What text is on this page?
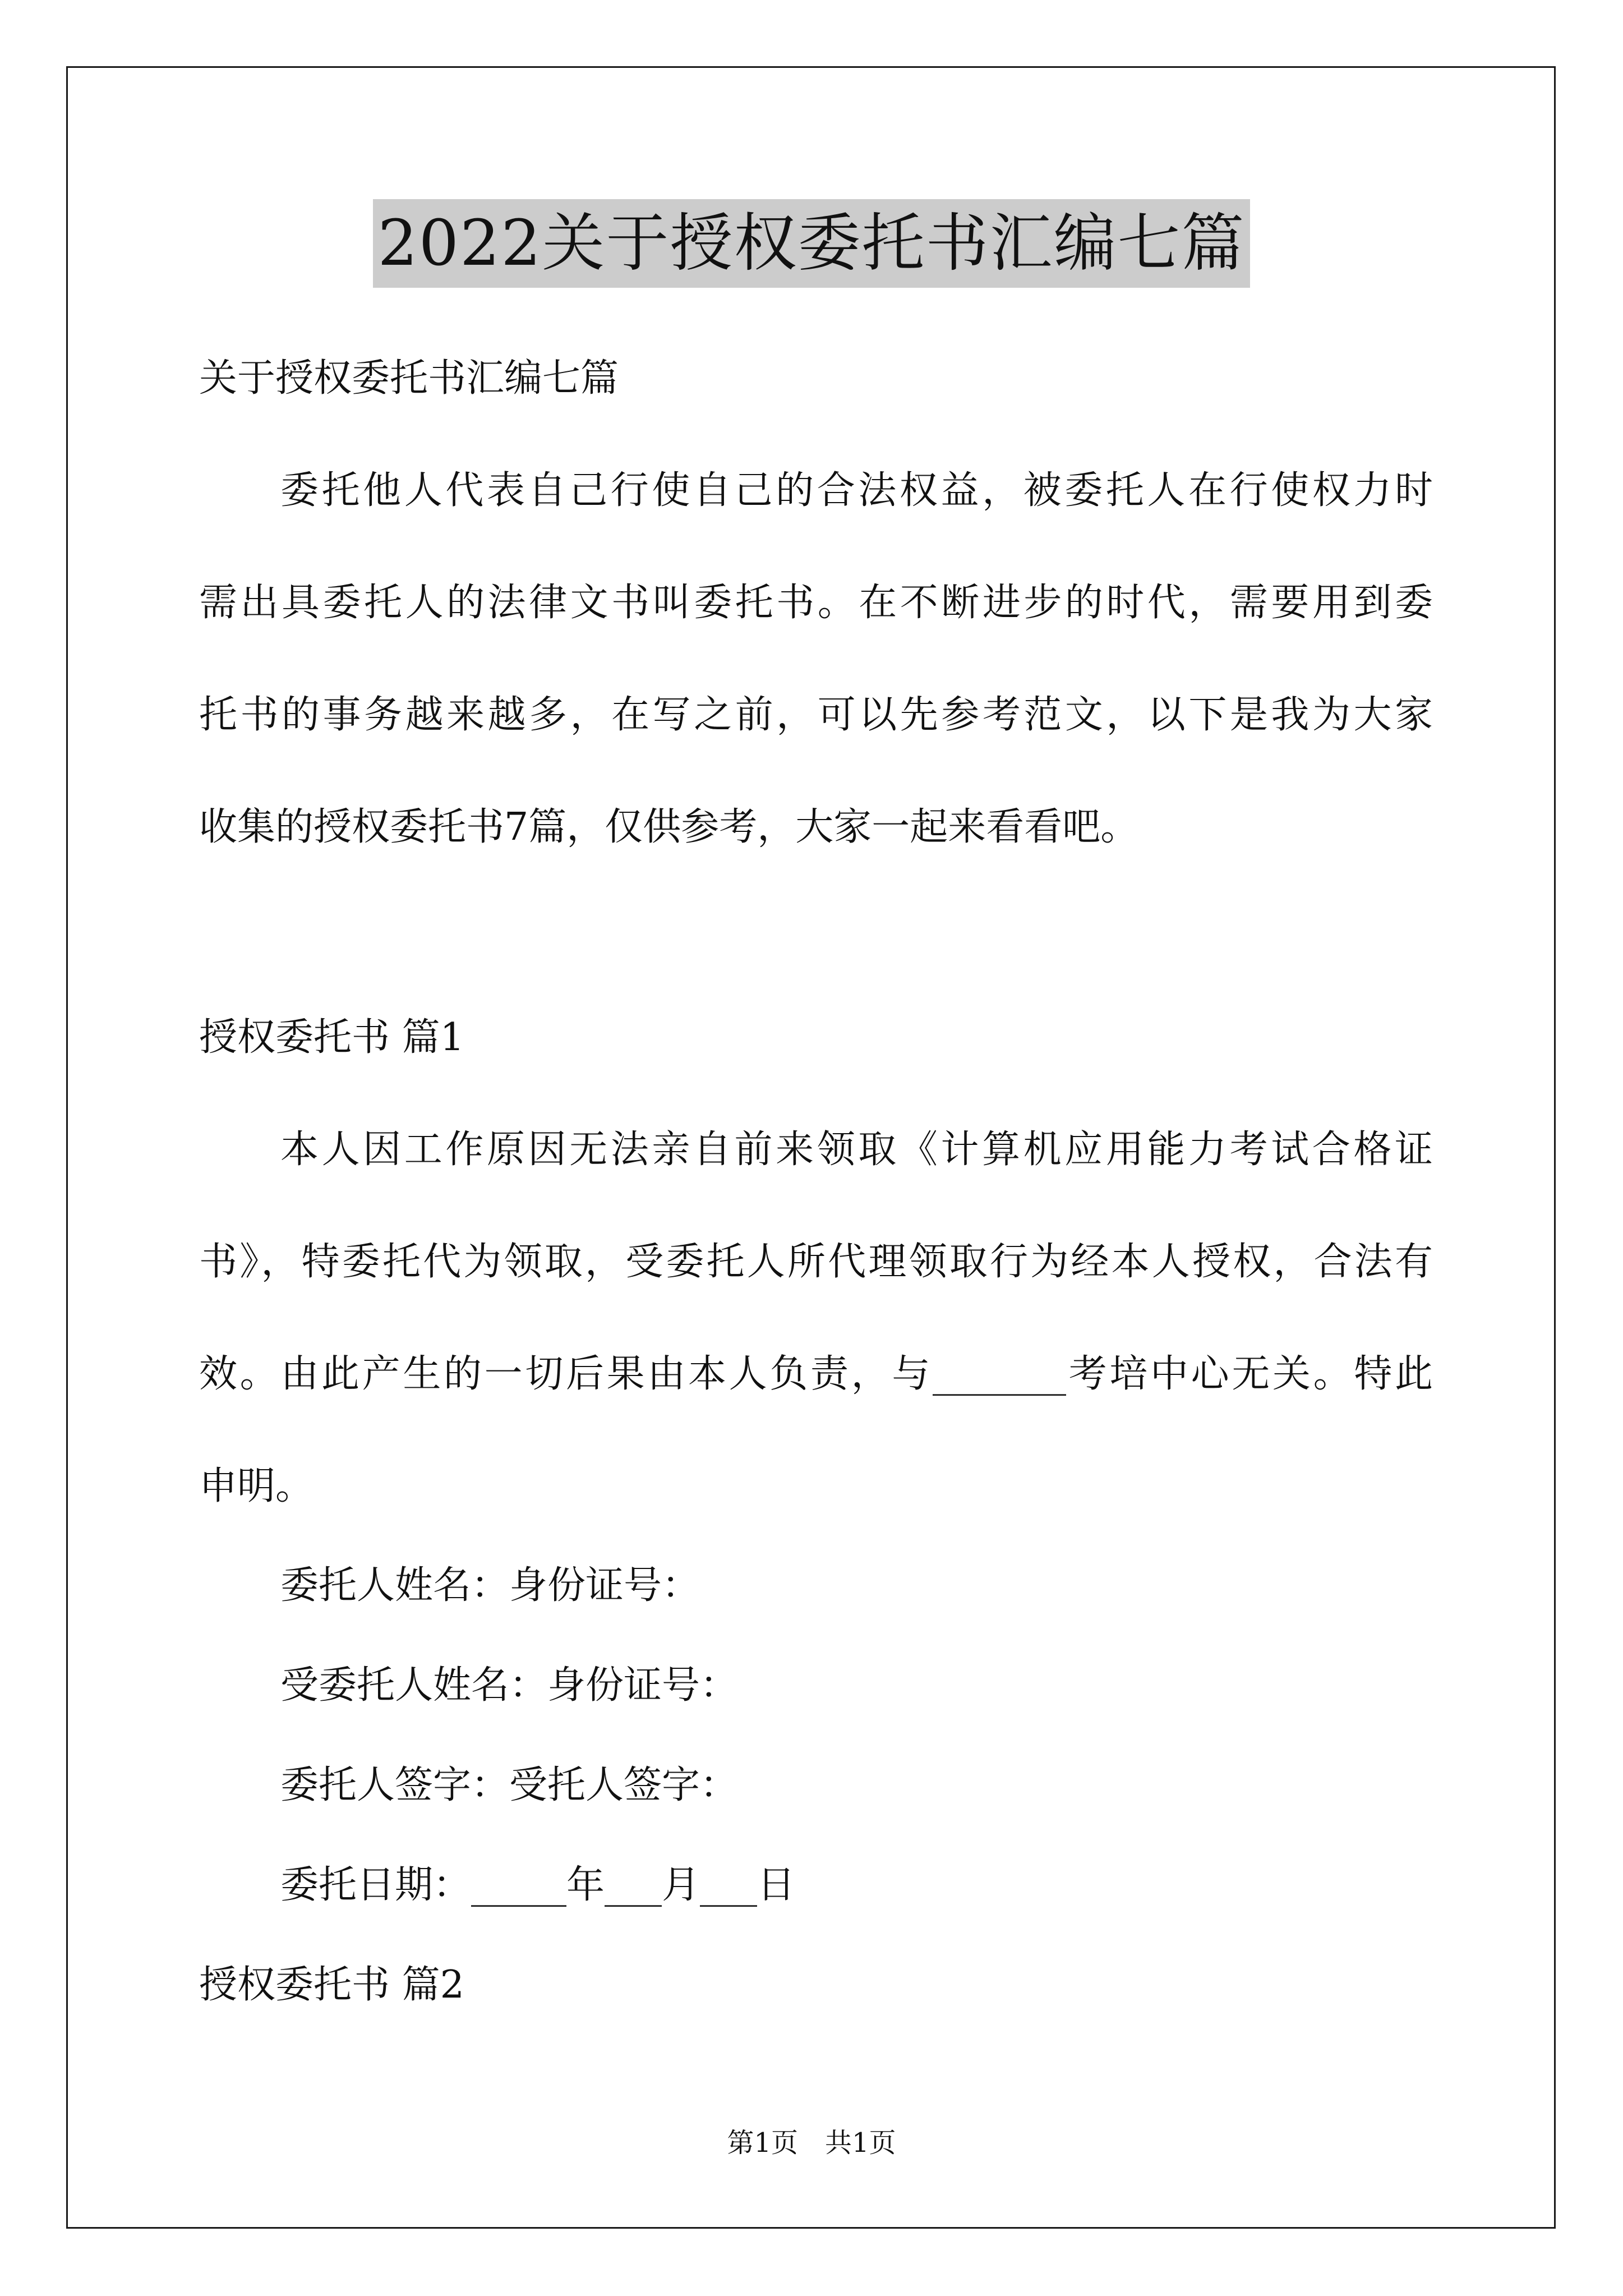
2022关于授权委托书汇编七篇
关于授权委托书汇编七篇
委托他人代表自己行使自己的合法权益，被委托人在行使权力时
需出具委托人的法律文书叫委托书。在不断进步的时代，需要用到委
托书的事务越来越多，在写之前，可以先参考范文，以下是我为大家
收集的授权委托书7篇，仅供参考，大家一起来看看吧。
授权委托书 篇1
本人因工作原因无法亲自前来领取《计算机应用能力考试合格证
书》，特委托代为领取，受委托人所代理领取行为经本人授权，合法有
效。由此产生的一切后果由本人负责，与_______考培中心无关。特此
申明。
委托人姓名：身份证号：
受委托人姓名：身份证号：
委托人签字：受托人签字：
委托日期：_____年___月___日
授权委托书 篇2
第1页　共1页
